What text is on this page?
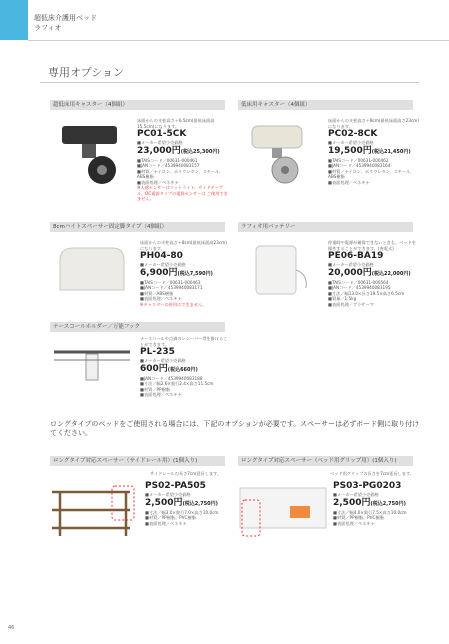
超低床介護用ベッド
ラフィオ
専用オプション
超低床用キャスター（4個組）
床面からの支柱高さ＋6.5cm(最低床面高15.5cm)になります。
PC01-5CK
■メーカー希望小売価格
23,000円(税込25,300円)
■TAISコード／00631-000461
■JANコード／4539940083157
■材質／ナイロン、ポリウレタン、スチール、ABS樹脂
■表面処理／ペネキナ
※人感センサーはフットライト、サイドテーブル、OC電源タイプの電源センサーは ご使用できません。
低床用キャスター（4個組）
床面からの支柱高さ＋8cm(最低床面高さ23cm)になります。
PC02-8CK
■メーカー希望小売価格
19,500円(税込21,450円)
■TAISコード／00631-000462
■JANコード／4539940083164
■材質／ナイロン、ポリウレタン、スチール、ABS樹脂
■表面処理／ペネキナ
8cmハイトスペーサー固定脚タイプ（4個組）
床面からの支柱高さ＋8cm(最低床面高23cm)になります。
PH04-80
■メーカー希望小売価格
6,900円(税込7,590円)
■TAISコード／00631-000463
■JANコード／4539940083171
■材質／ABS樹脂
■表面処理／ペネキナ
※キャスターの併用はできません。
ラフィオ用バッテリー
停電時や電源が確保できないときも、ベッドを操作することができます。(充電式)
PE06-BA19
■メーカー希望小売価格
20,000円(税込22,000円)
■TAISコード／00631-000564
■JANコード／4539940083195
■寸法／幅13.0×長さ19.5×高さ6.5cm
■質量／1.5kg
■表面処理／ブラサーマ
ナースコールホルダー／万能フック
ナースコールや点滴のレシーバー等を掛けることができます。
PL-235
■メーカー希望小売価格
600円(税込660円)
■JANコード／4539940083188
■寸法／幅2.6×奥行2.4×高さ11.5cm
■材質／PP樹脂
■表面処理／ペネキナ
ロングタイプのベッドをご使用される場合には、下記のオプションが必要です。スペーサーは必ずボード側に取り付けてください。
ロングタイプ対応スペーサー（サイドレール用）(1個入り)
サイドレールの長さ7cm延長します。
PS02-PA505
■メーカー希望小売価格
2,500円(税込2,750円)
■寸法／幅3.0×奥行7.0×高さ10.0cm
■材質／PP樹脂、PVC樹脂
■表面処理／ペネキナ
ロングタイプ対応スペーサー（ベッド用グリップ用）(1個入り)
ベッド用グリップの長さを7cm延長します。
PS03-PG0203
■メーカー希望小売価格
2,500円(税込2,750円)
■寸法／幅4.0×奥行7.5×高さ10.0cm
■材質／PP樹脂、PVC樹脂
■表面処理／ペネキナ
46
